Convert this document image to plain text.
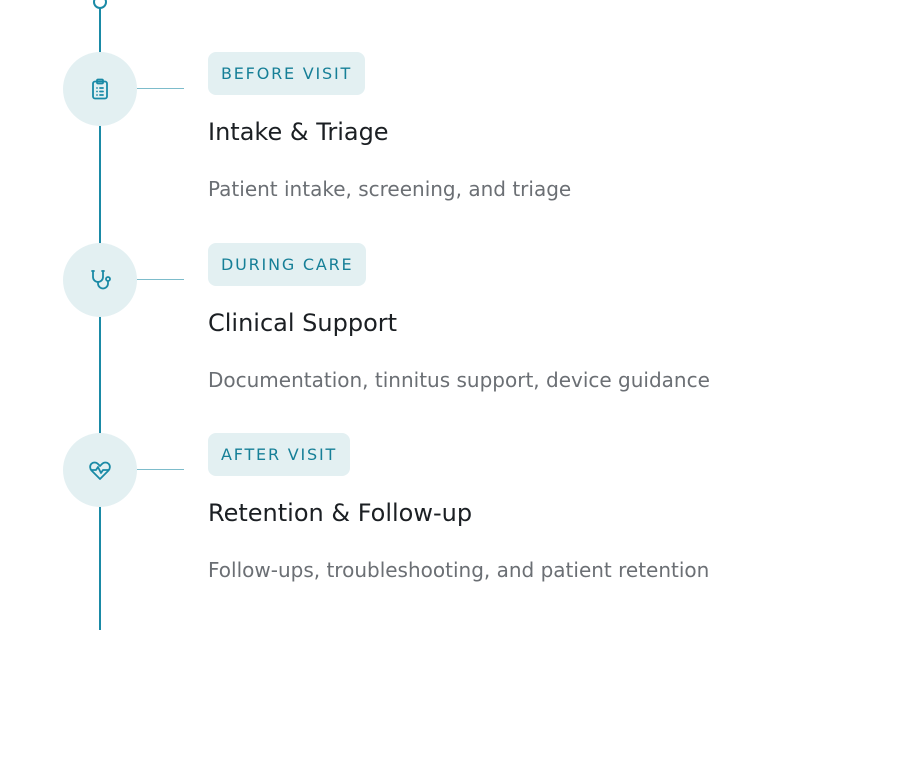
BEFORE VISIT
Intake & Triage
Patient intake, screening, and triage
DURING CARE
Clinical Support
Documentation, tinnitus support, device guidance
AFTER VISIT
Retention & Follow-up
Follow-ups, troubleshooting, and patient retention
